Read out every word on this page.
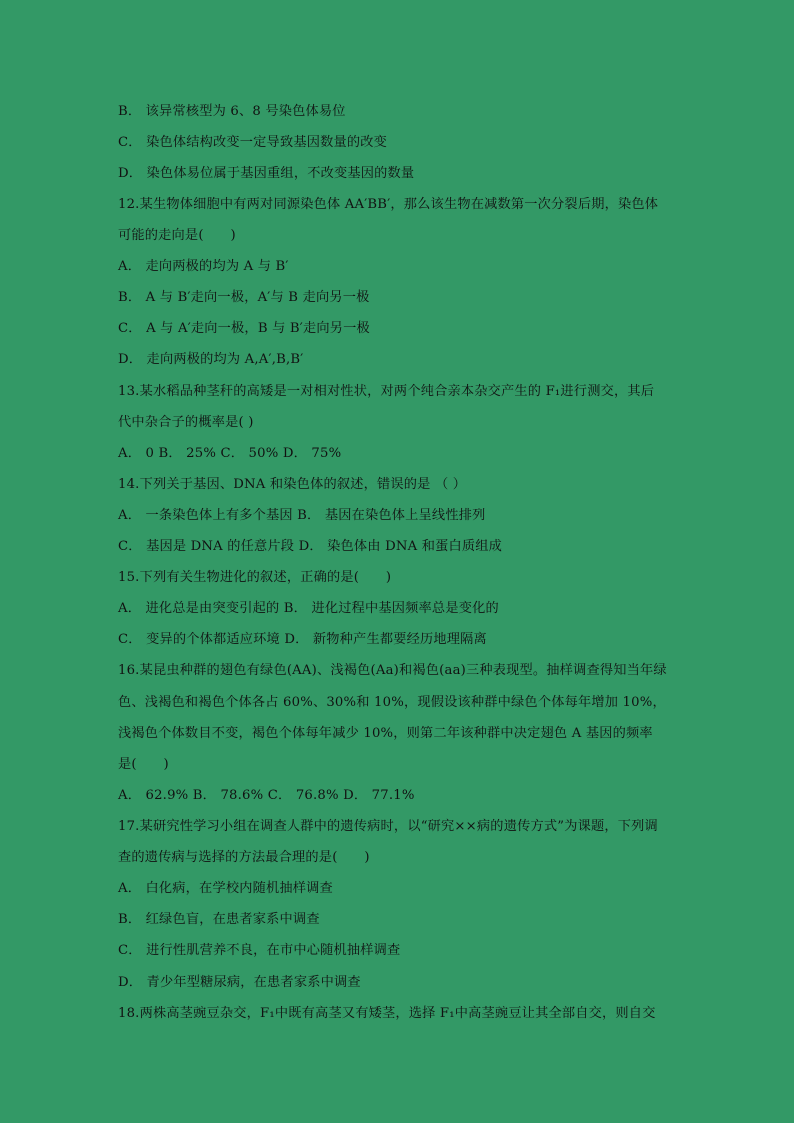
B． 该异常核型为 6、8 号染色体易位
C． 染色体结构改变一定导致基因数量的改变
D． 染色体易位属于基因重组，不改变基因的数量
12.某生物体细胞中有两对同源染色体 AA′BB′，那么该生物在减数第一次分裂后期，染色体
可能的走向是(　　)
A． 走向两极的均为 A 与 B′
B． A 与 B′走向一极，A′与 B 走向另一极
C． A 与 A′走向一极，B 与 B′走向另一极
D． 走向两极的均为 A,A′,B,B′
13.某水稻品种茎秆的高矮是一对相对性状，对两个纯合亲本杂交产生的 F₁进行测交，其后
代中杂合子的概率是( )
A． 0 B． 25% C． 50% D． 75%
14.下列关于基因、DNA 和染色体的叙述，错误的是 （ ）
A． 一条染色体上有多个基因 B． 基因在染色体上呈线性排列
C． 基因是 DNA 的任意片段 D． 染色体由 DNA 和蛋白质组成
15.下列有关生物进化的叙述，正确的是(　　)
A． 进化总是由突变引起的 B． 进化过程中基因频率总是变化的
C． 变异的个体都适应环境 D． 新物种产生都要经历地理隔离
16.某昆虫种群的翅色有绿色(AA)、浅褐色(Aa)和褐色(aa)三种表现型。抽样调查得知当年绿
色、浅褐色和褐色个体各占 60%、30%和 10%，现假设该种群中绿色个体每年增加 10%，
浅褐色个体数目不变，褐色个体每年减少 10%，则第二年该种群中决定翅色 A 基因的频率
是(　　)
A． 62.9% B． 78.6% C． 76.8% D． 77.1%
17.某研究性学习小组在调查人群中的遗传病时，以“研究××病的遗传方式”为课题，下列调
查的遗传病与选择的方法最合理的是(　　)
A． 白化病，在学校内随机抽样调查
B． 红绿色盲，在患者家系中调查
C． 进行性肌营养不良，在市中心随机抽样调查
D． 青少年型糖尿病，在患者家系中调查
18.两株高茎豌豆杂交，F₁中既有高茎又有矮茎，选择 F₁中高茎豌豆让其全部自交，则自交
